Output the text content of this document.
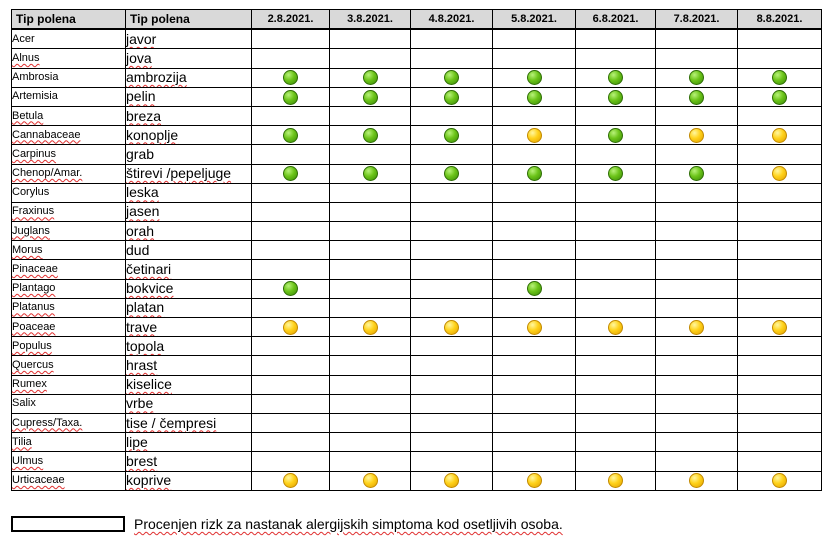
Tip polena	Tip polena	2.8.2021.	3.8.2021.	4.8.2021.	5.8.2021.	6.8.2021.	7.8.2021.	8.8.2021.
Acer	javor							
Alnus	jova							
Ambrosia	ambrozija							
Artemisia	pelin							
Betula	breza							
Cannabaceae	konoplje							
Carpinus	grab							
Chenop/Amar.	štirevi /pepeljuge							
Corylus	leska							
Fraxinus	jasen							
Juglans	orah							
Morus	dud							
Pinaceae	četinari							
Plantago	bokvice							
Platanus	platan							
Poaceae	trave							
Populus	topola							
Quercus	hrast							
Rumex	kiselice							
Salix	vrbe							
Cupress/Taxa.	tise / čempresi							
Tilia	lipe							
Ulmus	brest							
Urticaceae	koprive							
Procenjen rizk za nastanak alergijskih simptoma kod osetljivih osoba.
